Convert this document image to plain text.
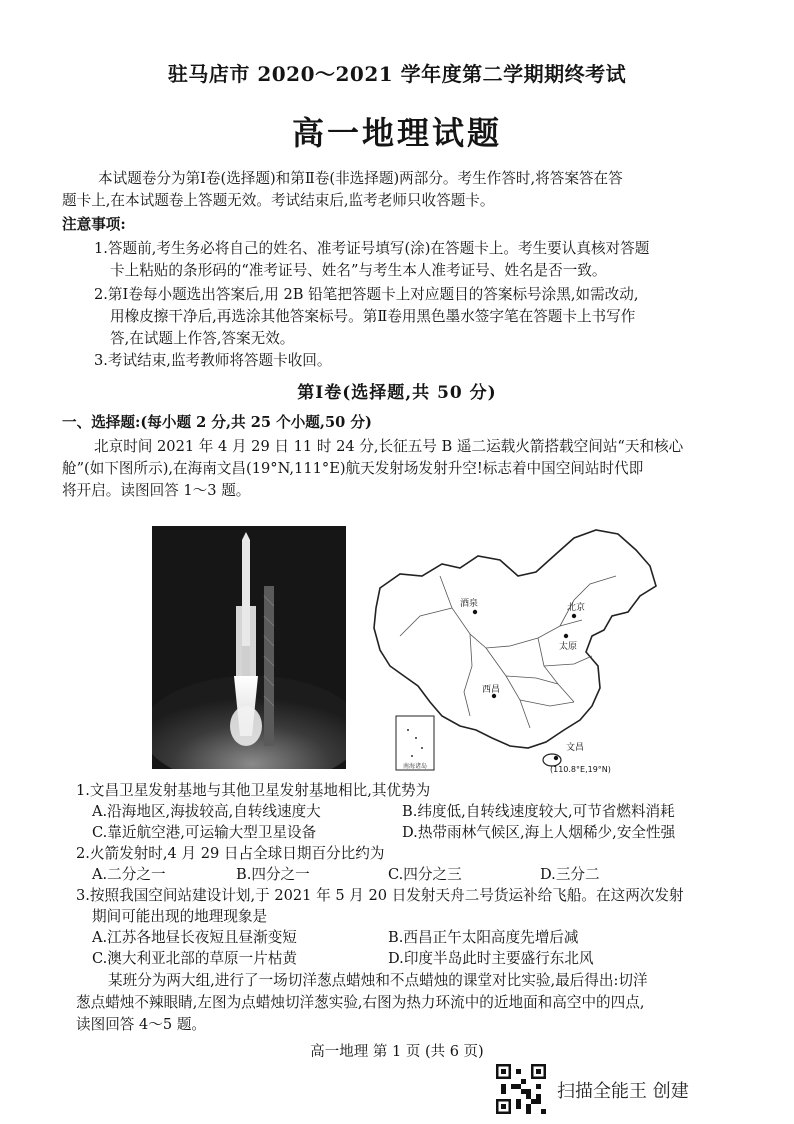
驻马店市 2020～2021 学年度第二学期期终考试
高一地理试题
本试题卷分为第Ⅰ卷(选择题)和第Ⅱ卷(非选择题)两部分。考生作答时,将答案答在答
题卡上,在本试题卷上答题无效。考试结束后,监考老师只收答题卡。
注意事项:
1.答题前,考生务必将自己的姓名、准考证号填写(涂)在答题卡上。考生要认真核对答题
卡上粘贴的条形码的“准考证号、姓名”与考生本人准考证号、姓名是否一致。
2.第Ⅰ卷每小题选出答案后,用 2B 铅笔把答题卡上对应题目的答案标号涂黑,如需改动,
用橡皮擦干净后,再选涂其他答案标号。第Ⅱ卷用黑色墨水签字笔在答题卡上书写作
答,在试题上作答,答案无效。
3.考试结束,监考教师将答题卡收回。
第Ⅰ卷(选择题,共 50 分)
一、选择题:(每小题 2 分,共 25 个小题,50 分)
北京时间 2021 年 4 月 29 日 11 时 24 分,长征五号 B 遥二运载火箭搭载空间站“天和核心
舱”(如下图所示),在海南文昌(19°N,111°E)航天发射场发射升空!标志着中国空间站时代即
将开启。读图回答 1～3 题。
南海诸岛
酒泉	北京
太原
西昌
文昌
(110.8°E,19°N)
1.文昌卫星发射基地与其他卫星发射基地相比,其优势为
A.沿海地区,海拔较高,自转线速度大	B.纬度低,自转线速度较大,可节省燃料消耗
C.靠近航空港,可运输大型卫星设备	D.热带雨林气候区,海上人烟稀少,安全性强
2.火箭发射时,4 月 29 日占全球日期百分比约为
A.二分之一	B.四分之一	C.四分之三	D.三分二
3.按照我国空间站建设计划,于 2021 年 5 月 20 日发射天舟二号货运补给飞船。在这两次发射
期间可能出现的地理现象是
A.江苏各地昼长夜短且昼渐变短	B.西昌正午太阳高度先增后减
C.澳大利亚北部的草原一片枯黄	D.印度半岛此时主要盛行东北风
某班分为两大组,进行了一场切洋葱点蜡烛和不点蜡烛的课堂对比实验,最后得出:切洋
葱点蜡烛不辣眼睛,左图为点蜡烛切洋葱实验,右图为热力环流中的近地面和高空中的四点,
读图回答 4～5 题。
高一地理 第 1 页 (共 6 页)
扫描全能王 创建
